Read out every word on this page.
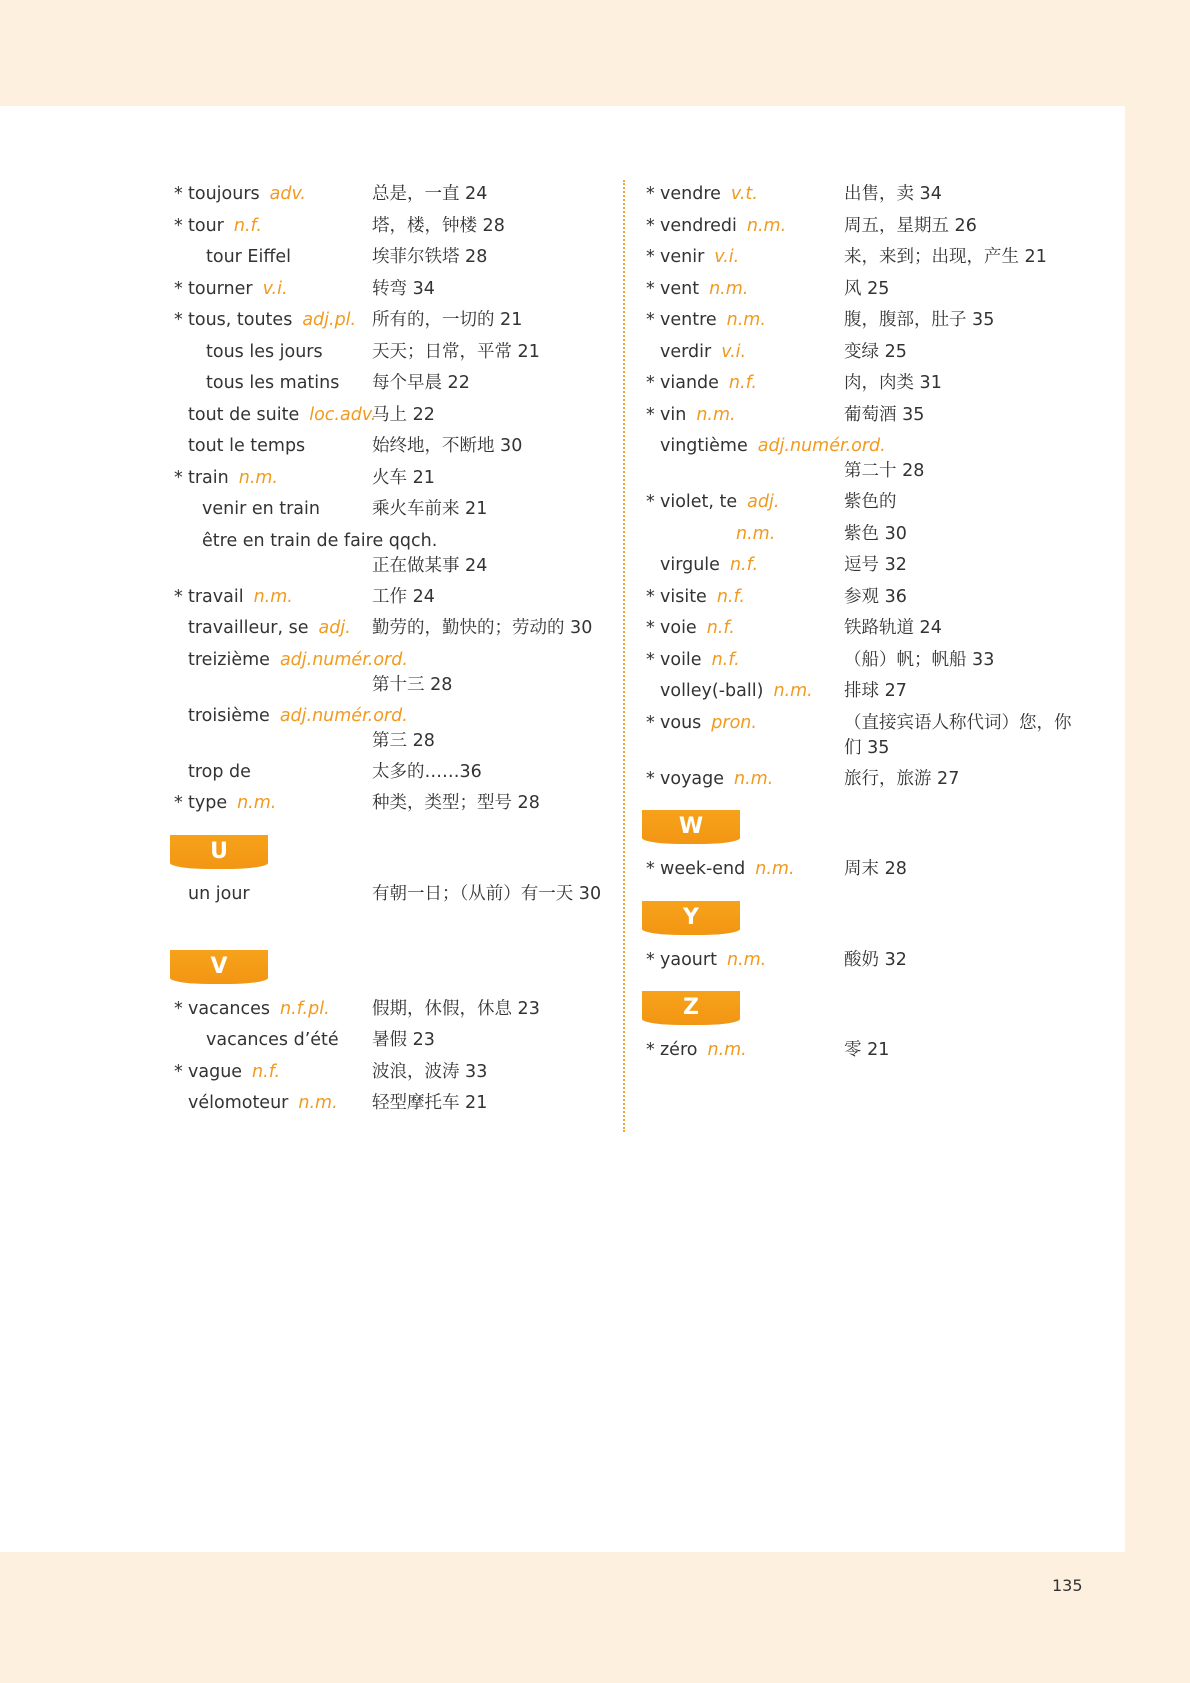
* toujours adv.	总是，一直 24
* tour n.f.	塔，楼，钟楼 28
tour Eiffel	埃菲尔铁塔 28
* tourner v.i.	转弯 34
* tous, toutes adj.pl. 所有的，一切的 21
tous les jours	天天；日常，平常 21
tous les matins 每个早晨 22
tout de suite loc.adv.
马上 22
tout le temps	始终地，不断地 30
* train n.m.	火车 21
venir en train	乘火车前来 21
être en train de faire qqch.
正在做某事 24
* travail n.m.	工作 24
travailleur, se adj. 勤劳的，勤快的；劳动的 30
treizième adj.numér.ord.
第十三 28
troisième adj.numér.ord.
第三 28
trop de	太多的……36
* type n.m.	种类，类型；型号 28
U
un jour	有朝一日；（从前）有一天 30
V
* vacances n.f.pl. 假期，休假，休息 23
vacances d’été 暑假 23
* vague n.f.	波浪，波涛 33
vélomoteur n.m. 轻型摩托车 21
* vendre v.t.	出售，卖 34
* vendredi n.m.	周五，星期五 26
* venir v.i.	来，来到；出现，产生 21
* vent n.m.	风 25
* ventre n.m.	腹，腹部，肚子 35
verdir v.i.	变绿 25
* viande n.f.	肉，肉类 31
* vin n.m.	葡萄酒 35
vingtième adj.numér.ord.
第二十 28
* violet, te adj.	紫色的
n.m.	紫色 30
virgule n.f.	逗号 32
* visite n.f.	参观 36
* voie n.f.	铁路轨道 24
* voile n.f.	（船）帆；帆船 33
volley(-ball) n.m. 排球 27
* vous pron.	（直接宾语人称代词）您，你们 35
* voyage n.m.	旅行，旅游 27
W
* week-end n.m.	周末 28
Y
* yaourt n.m.	酸奶 32
Z
* zéro n.m.	零 21
135
